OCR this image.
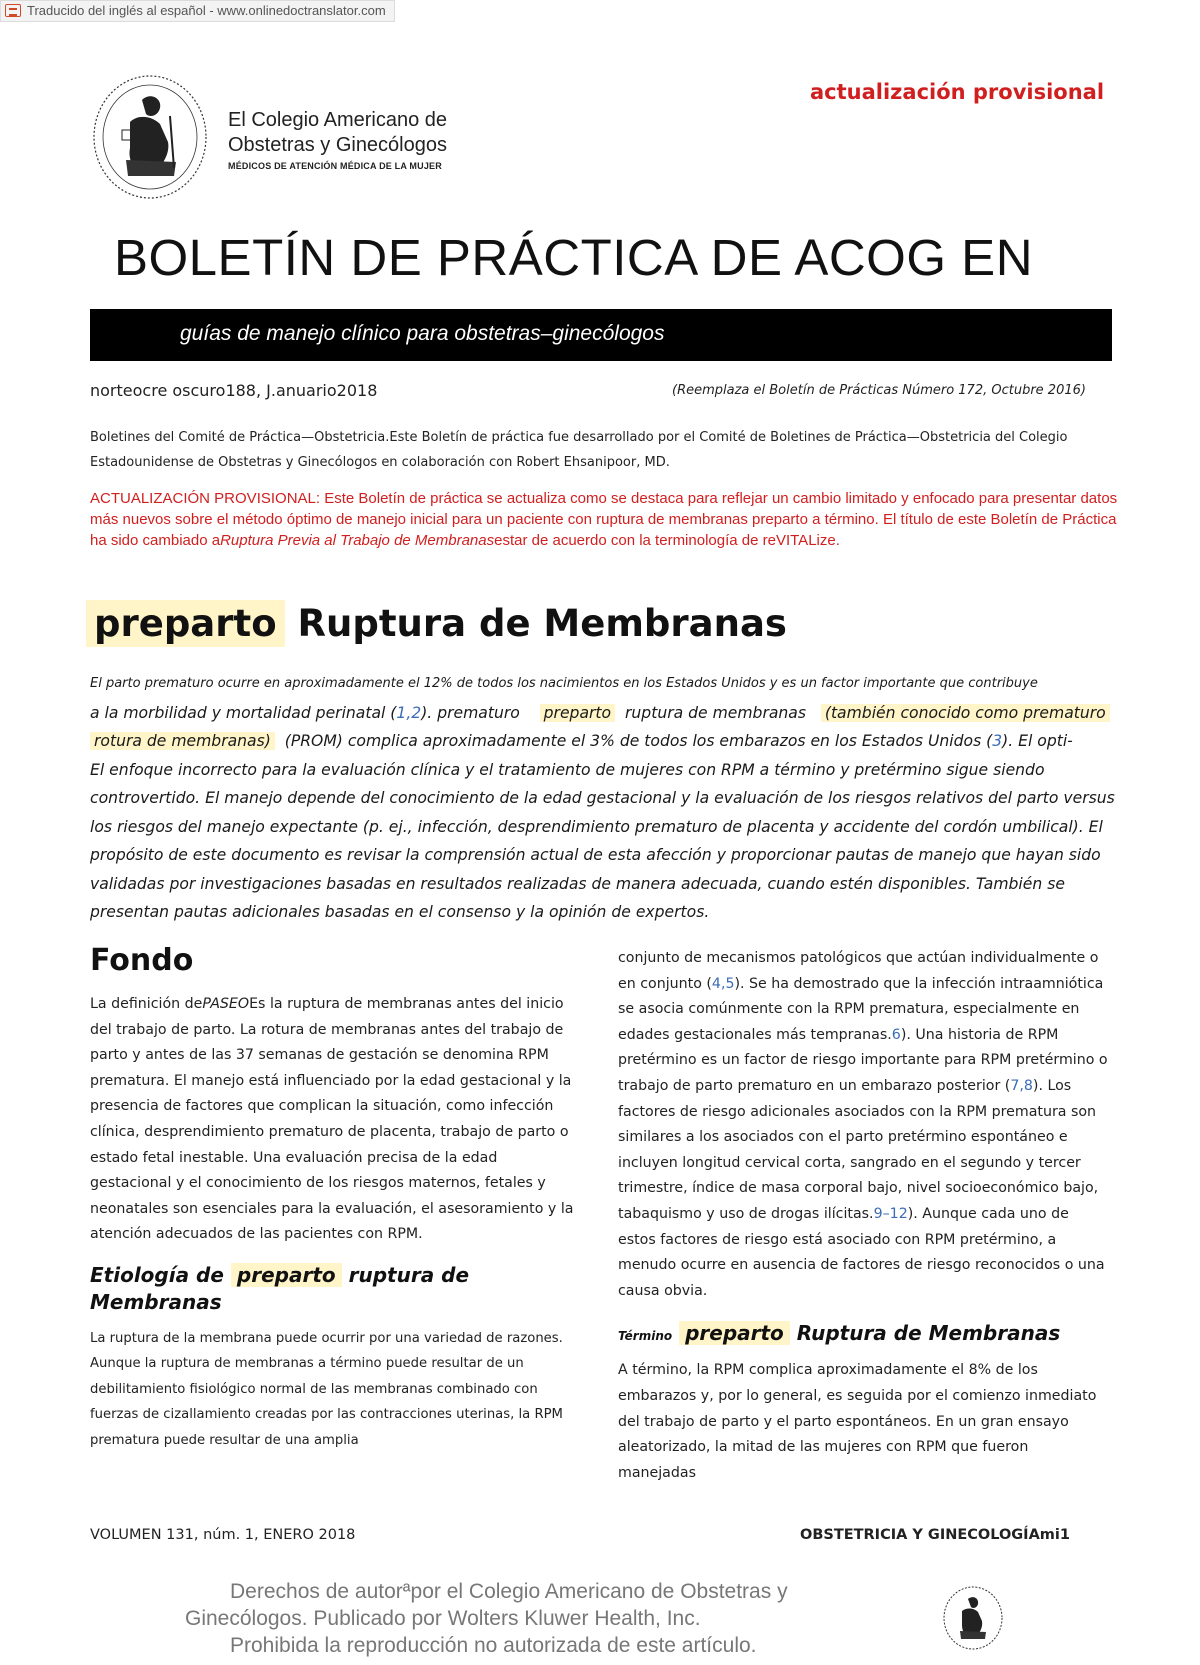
Traducido del inglés al español - www.onlinedoctranslator.com
actualización provisional
El Colegio Americano de
Obstetras y Ginecólogos
MÉDICOS DE ATENCIÓN MÉDICA DE LA MUJER
BOLETÍN DE PRÁCTICA DE ACOG EN
guías de manejo clínico para obstetras–ginecólogos
norteocre oscuro188, J.anuario2018	(Reemplaza el Boletín de Prácticas Número 172, Octubre 2016)
Boletines del Comité de Práctica—Obstetricia.Este Boletín de práctica fue desarrollado por el Comité de Boletines de Práctica—Obstetricia del Colegio Estadounidense de Obstetras y Ginecólogos en colaboración con Robert Ehsanipoor, MD.
ACTUALIZACIÓN PROVISIONAL: Este Boletín de práctica se actualiza como se destaca para reflejar un cambio limitado y enfocado para presentar datos más nuevos sobre el método óptimo de manejo inicial para un paciente con ruptura de membranas preparto a término. El título de este Boletín de Práctica ha sido cambiado aRuptura Previa al Trabajo de Membranasestar de acuerdo con la terminología de reVITALize.
preparto Ruptura de Membranas
El parto prematuro ocurre en aproximadamente el 12% de todos los nacimientos en los Estados Unidos y es un factor importante que contribuye
a la morbilidad y mortalidad perinatal (1,2). prematuro preparto ruptura de membranas (también conocido como prematuro
rotura de membranas) (PROM) complica aproximadamente el 3% de todos los embarazos en los Estados Unidos (3). El opti-
El enfoque incorrecto para la evaluación clínica y el tratamiento de mujeres con RPM a término y pretérmino sigue siendo controvertido. El manejo depende del conocimiento de la edad gestacional y la evaluación de los riesgos relativos del parto versus los riesgos del manejo expectante (p. ej., infección, desprendimiento prematuro de placenta y accidente del cordón umbilical). El propósito de este documento es revisar la comprensión actual de esta afección y proporcionar pautas de manejo que hayan sido validadas por investigaciones basadas en resultados realizadas de manera adecuada, cuando estén disponibles. También se presentan pautas adicionales basadas en el consenso y la opinión de expertos.
Fondo
La definición dePASEOEs la ruptura de membranas antes del inicio del trabajo de parto. La rotura de membranas antes del trabajo de parto y antes de las 37 semanas de gestación se denomina RPM prematura. El manejo está influenciado por la edad gestacional y la presencia de factores que complican la situación, como infección clínica, desprendimiento prematuro de placenta, trabajo de parto o estado fetal inestable. Una evaluación precisa de la edad gestacional y el conocimiento de los riesgos maternos, fetales y neonatales son esenciales para la evaluación, el asesoramiento y la atención adecuados de las pacientes con RPM.
Etiología de preparto ruptura de Membranas
La ruptura de la membrana puede ocurrir por una variedad de razones. Aunque la ruptura de membranas a término puede resultar de un debilitamiento fisiológico normal de las membranas combinado con fuerzas de cizallamiento creadas por las contracciones uterinas, la RPM prematura puede resultar de una amplia
conjunto de mecanismos patológicos que actúan individualmente o en conjunto (4,5). Se ha demostrado que la infección intraamniótica se asocia comúnmente con la RPM prematura, especialmente en edades gestacionales más tempranas.6). Una historia de RPM pretérmino es un factor de riesgo importante para RPM pretérmino o trabajo de parto prematuro en un embarazo posterior (7,8). Los factores de riesgo adicionales asociados con la RPM prematura son similares a los asociados con el parto pretérmino espontáneo e incluyen longitud cervical corta, sangrado en el segundo y tercer trimestre, índice de masa corporal bajo, nivel socioeconómico bajo, tabaquismo y uso de drogas ilícitas.9–12). Aunque cada uno de estos factores de riesgo está asociado con RPM pretérmino, a menudo ocurre en ausencia de factores de riesgo reconocidos o una causa obvia.
Término preparto Ruptura de Membranas
A término, la RPM complica aproximadamente el 8% de los embarazos y, por lo general, es seguida por el comienzo inmediato del trabajo de parto y el parto espontáneos. En un gran ensayo aleatorizado, la mitad de las mujeres con RPM que fueron manejadas
VOLUMEN 131, núm. 1, ENERO 2018	OBSTETRICIA Y GINECOLOGÍAmi1
Derechos de autorªpor el Colegio Americano de Obstetras y
Ginecólogos. Publicado por Wolters Kluwer Health, Inc.
Prohibida la reproducción no autorizada de este artículo.
